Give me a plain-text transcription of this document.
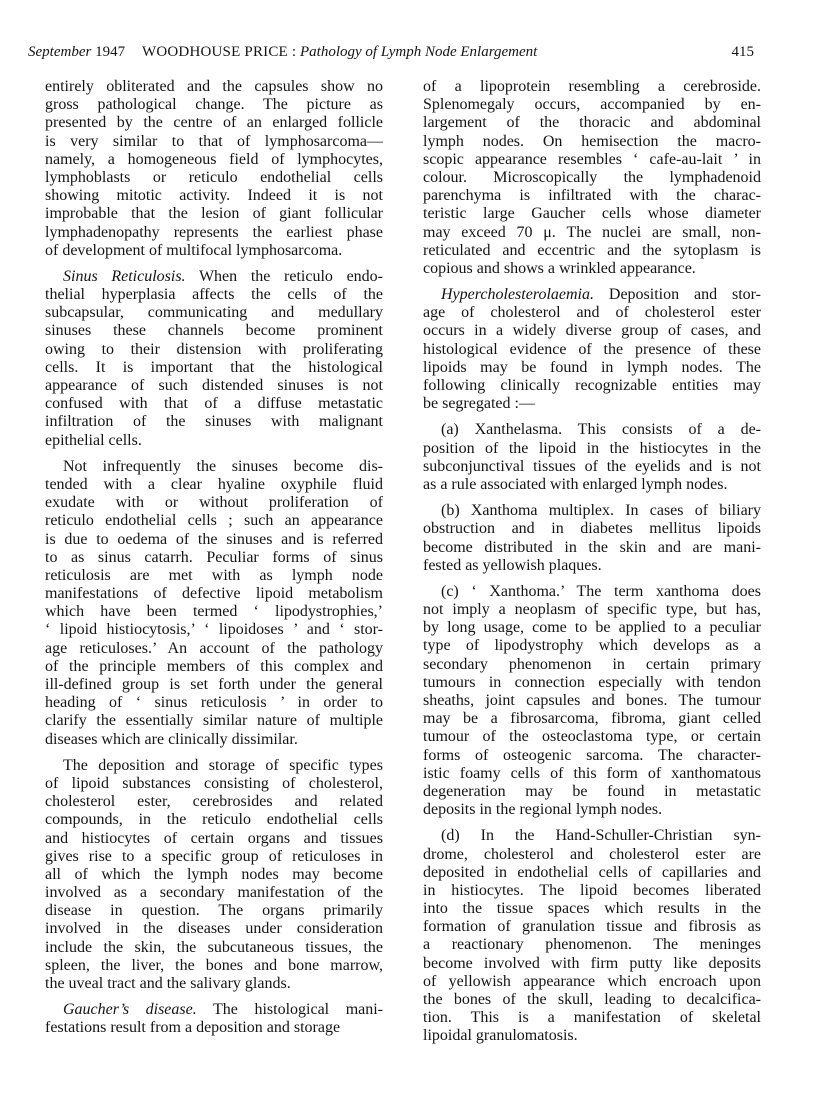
September 1947 WOODHOUSE PRICE : Pathology of Lymph Node Enlargement	415
entirely obliterated and the capsules show no
gross pathological change. The picture as
presented by the centre of an enlarged follicle
is very similar to that of lymphosarcoma—
namely, a homogeneous field of lymphocytes,
lymphoblasts or reticulo endothelial cells
showing mitotic activity. Indeed it is not
improbable that the lesion of giant follicular
lymphadenopathy represents the earliest phase
of development of multifocal lymphosarcoma.
Sinus Reticulosis. When the reticulo endo-
thelial hyperplasia affects the cells of the
subcapsular, communicating and medullary
sinuses these channels become prominent
owing to their distension with proliferating
cells. It is important that the histological
appearance of such distended sinuses is not
confused with that of a diffuse metastatic
infiltration of the sinuses with malignant
epithelial cells.
Not infrequently the sinuses become dis-
tended with a clear hyaline oxyphile fluid
exudate with or without proliferation of
reticulo endothelial cells ; such an appearance
is due to oedema of the sinuses and is referred
to as sinus catarrh. Peculiar forms of sinus
reticulosis are met with as lymph node
manifestations of defective lipoid metabolism
which have been termed ‘ lipodystrophies,’
‘ lipoid histiocytosis,’ ‘ lipoidoses ’ and ‘ stor-
age reticuloses.’ An account of the pathology
of the principle members of this complex and
ill-defined group is set forth under the general
heading of ‘ sinus reticulosis ’ in order to
clarify the essentially similar nature of multiple
diseases which are clinically dissimilar.
The deposition and storage of specific types
of lipoid substances consisting of cholesterol,
cholesterol ester, cerebrosides and related
compounds, in the reticulo endothelial cells
and histiocytes of certain organs and tissues
gives rise to a specific group of reticuloses in
all of which the lymph nodes may become
involved as a secondary manifestation of the
disease in question. The organs primarily
involved in the diseases under consideration
include the skin, the subcutaneous tissues, the
spleen, the liver, the bones and bone marrow,
the uveal tract and the salivary glands.
Gaucher’s disease. The histological mani-
festations result from a deposition and storage
of a lipoprotein resembling a cerebroside.
Splenomegaly occurs, accompanied by en-
largement of the thoracic and abdominal
lymph nodes. On hemisection the macro-
scopic appearance resembles ‘ cafe-au-lait ’ in
colour. Microscopically the lymphadenoid
parenchyma is infiltrated with the charac-
teristic large Gaucher cells whose diameter
may exceed 70 μ. The nuclei are small, non-
reticulated and eccentric and the sytoplasm is
copious and shows a wrinkled appearance.
Hypercholesterolaemia. Deposition and stor-
age of cholesterol and of cholesterol ester
occurs in a widely diverse group of cases, and
histological evidence of the presence of these
lipoids may be found in lymph nodes. The
following clinically recognizable entities may
be segregated :—
(a) Xanthelasma. This consists of a de-
position of the lipoid in the histiocytes in the
subconjunctival tissues of the eyelids and is not
as a rule associated with enlarged lymph nodes.
(b) Xanthoma multiplex. In cases of biliary
obstruction and in diabetes mellitus lipoids
become distributed in the skin and are mani-
fested as yellowish plaques.
(c) ‘ Xanthoma.’ The term xanthoma does
not imply a neoplasm of specific type, but has,
by long usage, come to be applied to a peculiar
type of lipodystrophy which develops as a
secondary phenomenon in certain primary
tumours in connection especially with tendon
sheaths, joint capsules and bones. The tumour
may be a fibrosarcoma, fibroma, giant celled
tumour of the osteoclastoma type, or certain
forms of osteogenic sarcoma. The character-
istic foamy cells of this form of xanthomatous
degeneration may be found in metastatic
deposits in the regional lymph nodes.
(d) In the Hand-Schuller-Christian syn-
drome, cholesterol and cholesterol ester are
deposited in endothelial cells of capillaries and
in histiocytes. The lipoid becomes liberated
into the tissue spaces which results in the
formation of granulation tissue and fibrosis as
a reactionary phenomenon. The meninges
become involved with firm putty like deposits
of yellowish appearance which encroach upon
the bones of the skull, leading to decalcifica-
tion. This is a manifestation of skeletal
lipoidal granulomatosis.
